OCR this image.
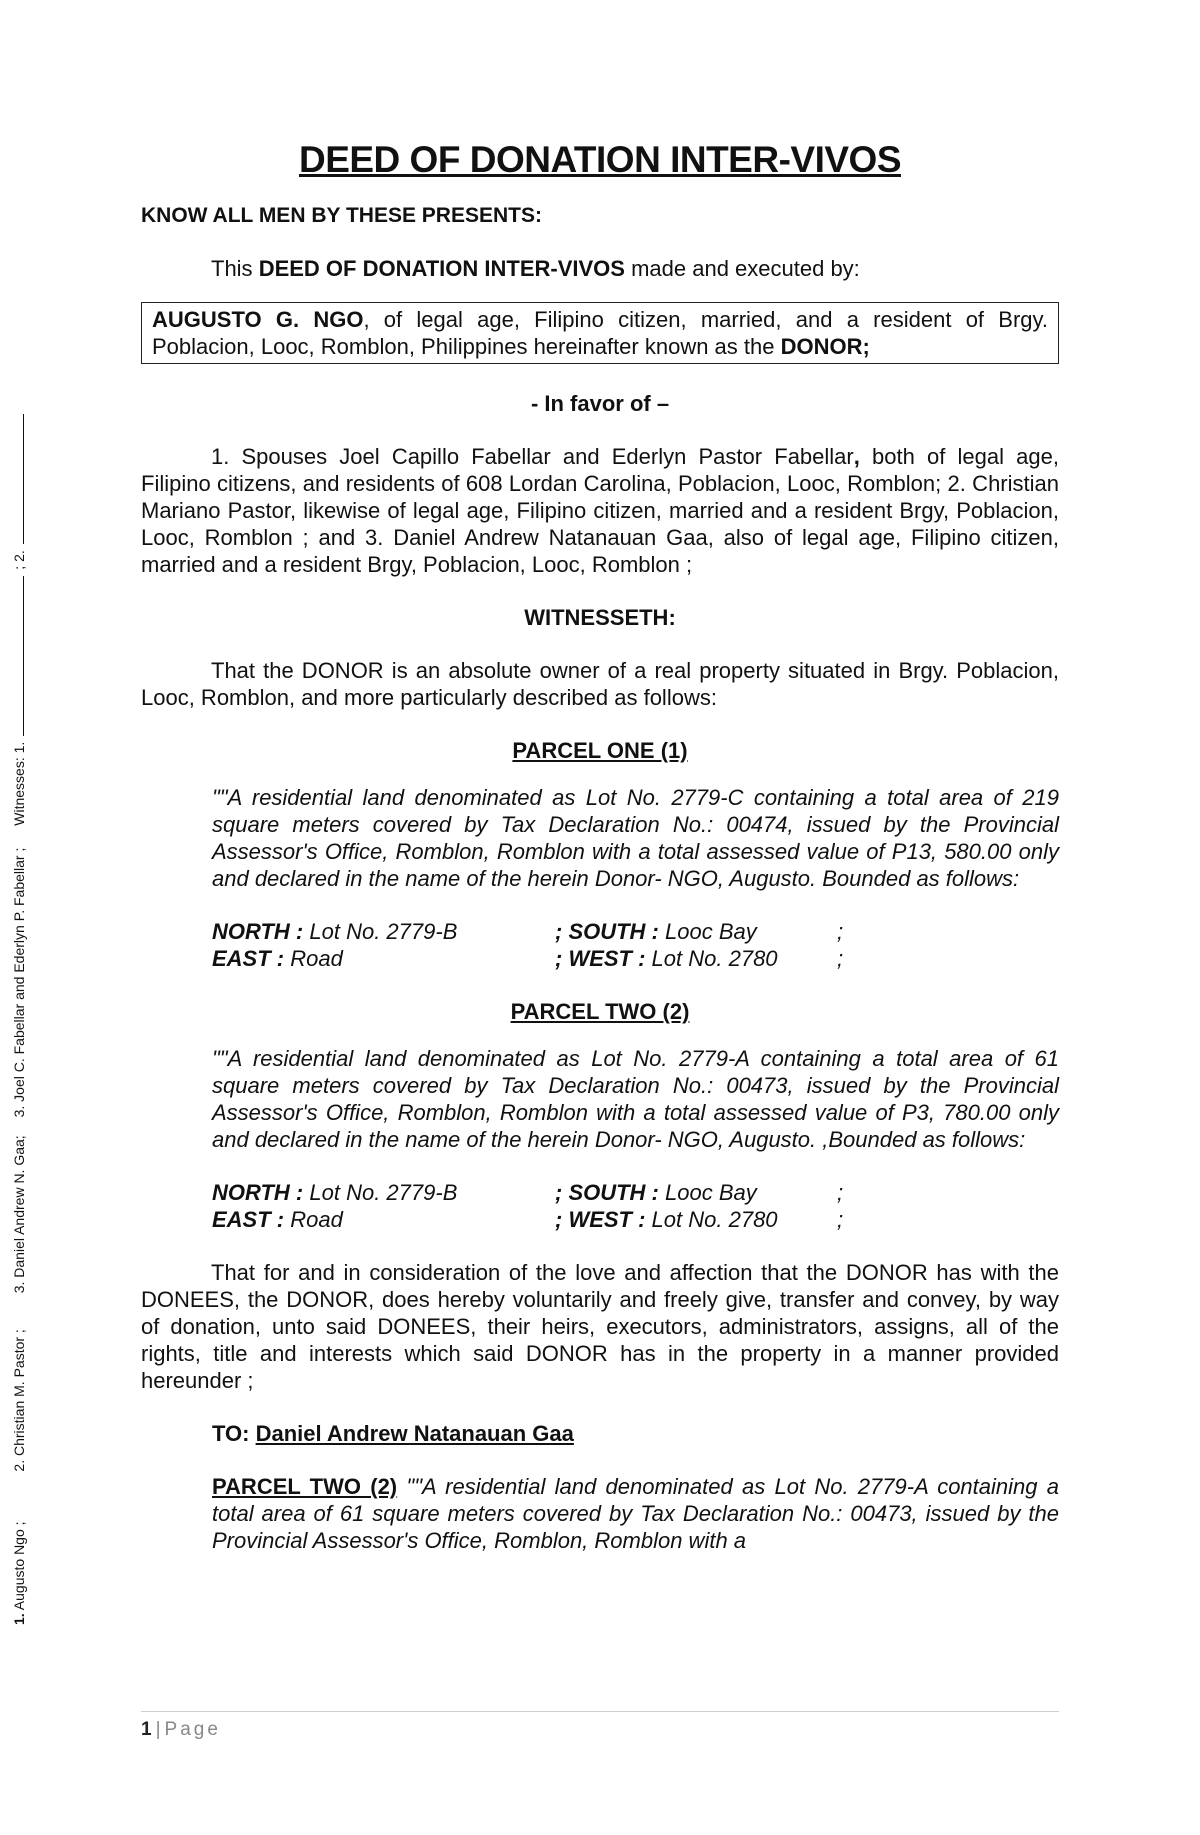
DEED OF DONATION INTER-VIVOS

KNOW ALL MEN BY THESE PRESENTS:

This DEED OF DONATION INTER-VIVOS made and executed by:

AUGUSTO G. NGO, of legal age, Filipino citizen, married, and a resident of Brgy. Poblacion, Looc, Romblon, Philippines hereinafter known as the DONOR;

- In favor of –

1. Spouses Joel Capillo Fabellar and Ederlyn Pastor Fabellar, both of legal age, Filipino citizens, and residents of 608 Lordan Carolina, Poblacion, Looc, Romblon; 2. Christian Mariano Pastor, likewise of legal age, Filipino citizen, married and a resident Brgy, Poblacion, Looc, Romblon ; and 3. Daniel Andrew Natanauan Gaa, also of legal age, Filipino citizen, married and a resident Brgy, Poblacion, Looc, Romblon ;

WITNESSETH:

That the DONOR is an absolute owner of a real property situated in Brgy. Poblacion, Looc, Romblon, and more particularly described as follows:

PARCEL ONE (1)

""A residential land denominated as Lot No. 2779-C containing a total area of 219 square meters covered by Tax Declaration No.: 00474, issued by the Provincial Assessor's Office, Romblon, Romblon with a total assessed value of P13, 580.00 only and declared in the name of the herein Donor- NGO, Augusto. Bounded as follows:

NORTH : Lot No. 2779-B	; SOUTH : Looc Bay	;
EAST : Road	; WEST : Lot No. 2780	;

PARCEL TWO (2)

""A residential land denominated as Lot No. 2779-A containing a total area of 61 square meters covered by Tax Declaration No.: 00473, issued by the Provincial Assessor's Office, Romblon, Romblon with a total assessed value of P3, 780.00 only and declared in the name of the herein Donor- NGO, Augusto. ,Bounded as follows:

NORTH : Lot No. 2779-B	; SOUTH : Looc Bay	;
EAST : Road	; WEST : Lot No. 2780	;

That for and in consideration of the love and affection that the DONOR has with the DONEES, the DONOR, does hereby voluntarily and freely give, transfer and convey, by way of donation, unto said DONEES, their heirs, executors, administrators, assigns, all of the rights, title and interests which said DONOR has in the property in a manner provided hereunder ;

TO: Daniel Andrew Natanauan Gaa

PARCEL TWO (2) ""A residential land denominated as Lot No. 2779-A containing a total area of 61 square meters covered by Tax Declaration No.: 00473, issued by the Provincial Assessor's Office, Romblon, Romblon with a

1 | Page
1. Augusto Ngo ; 2. Christian M. Pastor ; 3. Daniel Andrew N. Gaa; 3. Joel C. Fabellar and Ederlyn P. Fabellar ; Witnesses: 1.; 2.
